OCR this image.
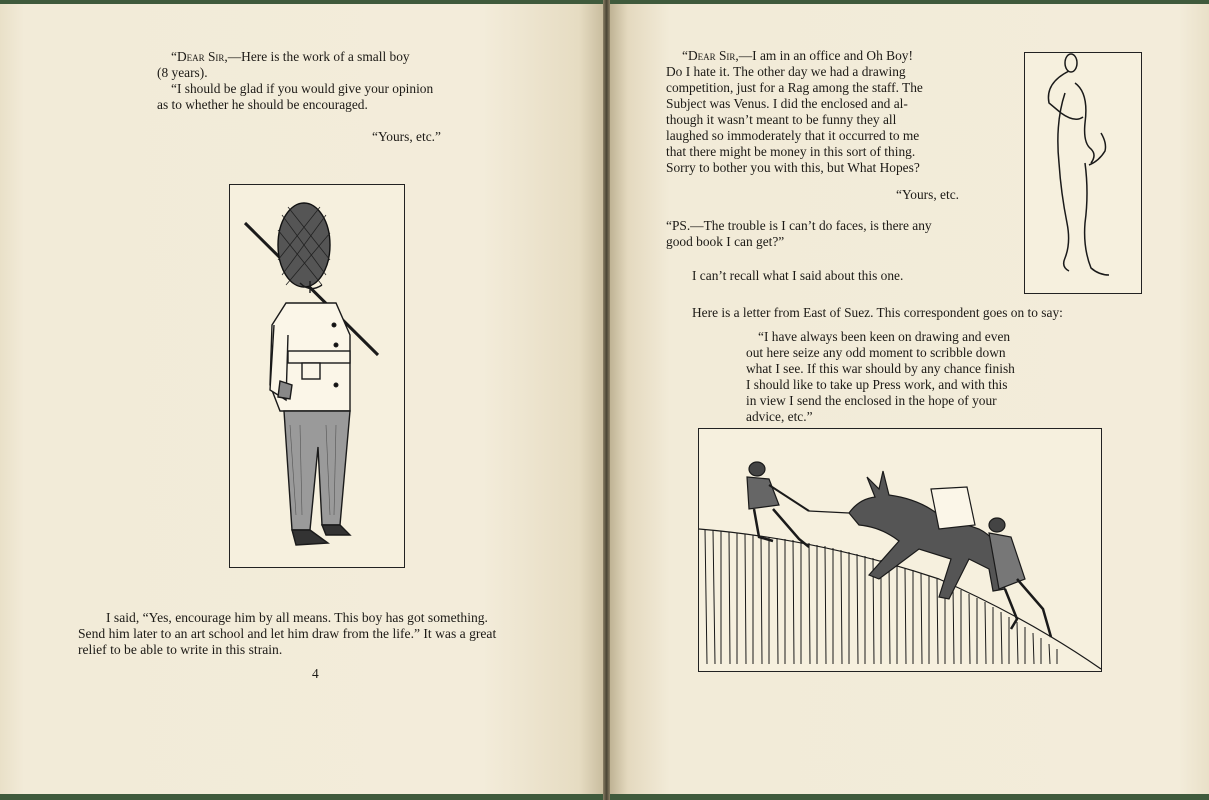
“Dear Sir,—Here is the work of a small boy

(8 years).

“I should be glad if you would give your opinion
as to whether he should be encouraged.

“Yours, etc.”

I said, “Yes, encourage him by all means. This boy has got something.
Send him later to an art school and let him draw from the life.” It was a great
relief to be able to write in this strain.

4

“Dear Sir,—I am in an office and Oh Boy!

Do I hate it. The other day we had a drawing
competition, just for a Rag among the staff. The
Subject was Venus. I did the enclosed and al-
though it wasn’t meant to be funny they all
laughed so immoderately that it occurred to me
that there might be money in this sort of thing.
Sorry to bother you with this, but What Hopes?

“Yours, etc.

“PS.—The trouble is I can’t do faces, is there any
good book I can get?”

I can’t recall what I said about this one.

Here is a letter from East of Suez. This correspondent goes on to say:

“I have always been keen on drawing and even
out here seize any odd moment to scribble down
what I see. If this war should by any chance finish
I should like to take up Press work, and with this
in view I send the enclosed in the hope of your
advice, etc.”
